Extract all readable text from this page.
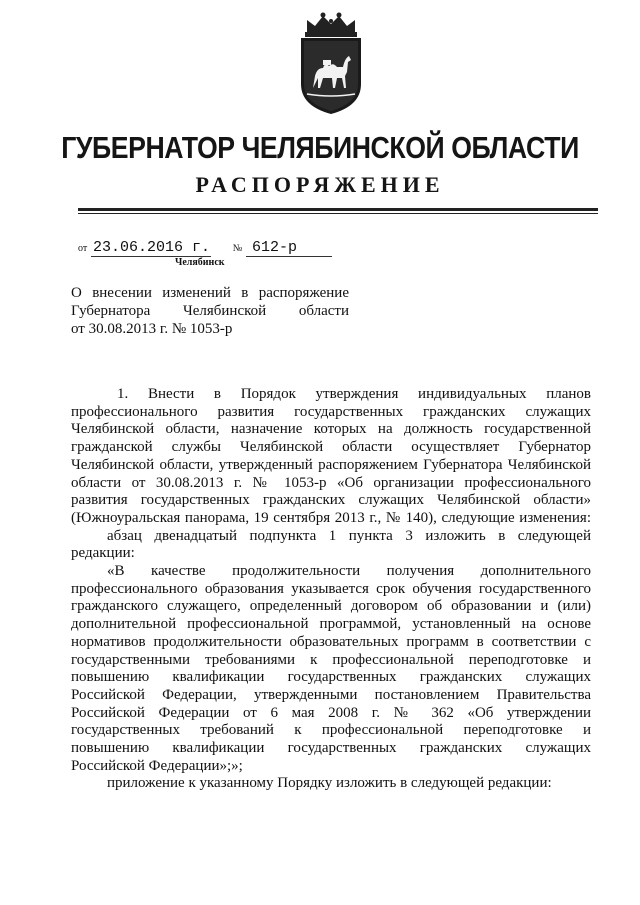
ГУБЕРНАТОР ЧЕЛЯБИНСКОЙ ОБЛАСТИ
РАСПОРЯЖЕНИЕ
от 23.06.2016 г. № 612-р
Челябинск
О внесении изменений в распоряжение
Губернатора Челябинской области
от 30.08.2013 г. № 1053-р
1. Внести в Порядок утверждения индивидуальных планов
профессионального развития государственных гражданских служащих
Челябинской области, назначение которых на должность государственной
гражданской службы Челябинской области осуществляет Губернатор
Челябинской области, утвержденный распоряжением Губернатора Челябинской
области от 30.08.2013 г. № 1053-р «Об организации профессионального
развития государственных гражданских служащих Челябинской области»
(Южноуральская панорама, 19 сентября 2013 г., № 140), следующие изменения:
абзац двенадцатый подпункта 1 пункта 3 изложить в следующей
редакции:
«В качестве продолжительности получения дополнительного
профессионального образования указывается срок обучения государственного
гражданского служащего, определенный договором об образовании и (или)
дополнительной профессиональной программой, установленный на основе
нормативов продолжительности образовательных программ в соответствии с
государственными требованиями к профессиональной переподготовке и
повышению квалификации государственных гражданских служащих
Российской Федерации, утвержденными постановлением Правительства
Российской Федерации от 6 мая 2008 г. № 362 «Об утверждении
государственных требований к профессиональной переподготовке и
повышению квалификации государственных гражданских служащих
Российской Федерации»;»;
приложение к указанному Порядку изложить в следующей редакции:
